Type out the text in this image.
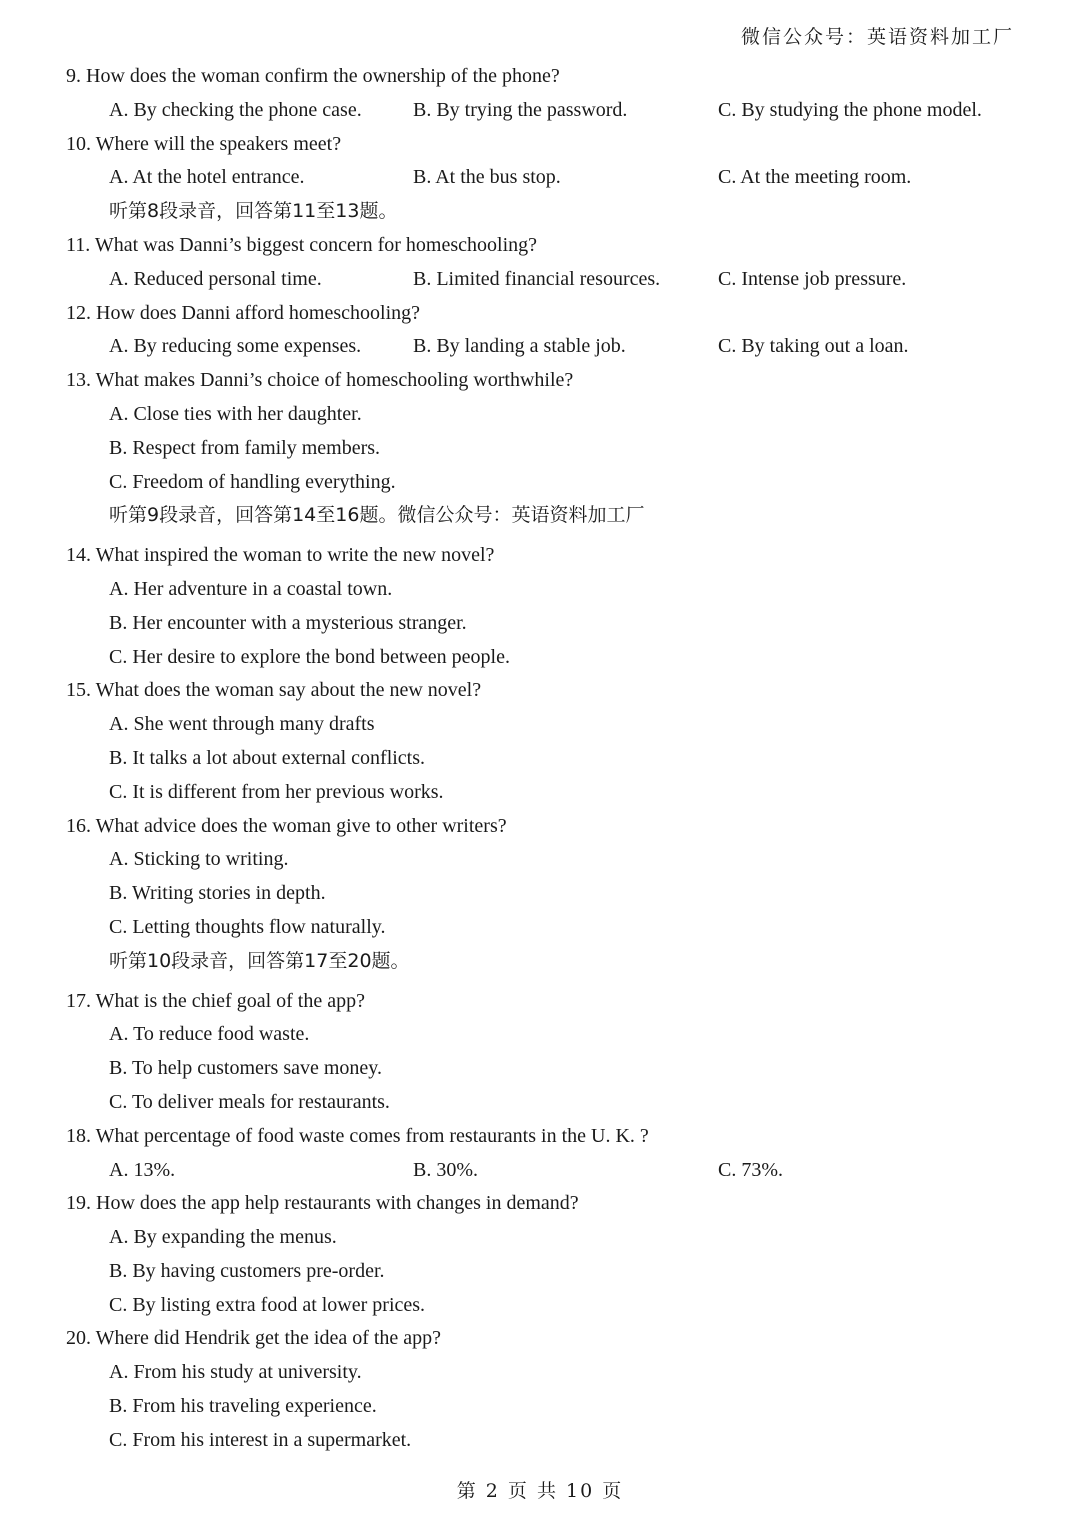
微信公众号：英语资料加工厂
9. How does the woman confirm the ownership of the phone?
A. By checking the phone case.	B. By trying the password.	C. By studying the phone model.
10. Where will the speakers meet?
A. At the hotel entrance.	B. At the bus stop.	C. At the meeting room.
听第8段录音，回答第11至13题。
11. What was Danni’s biggest concern for homeschooling?
A. Reduced personal time.	B. Limited financial resources.	C. Intense job pressure.
12. How does Danni afford homeschooling?
A. By reducing some expenses.	B. By landing a stable job.	C. By taking out a loan.
13. What makes Danni’s choice of homeschooling worthwhile?
A. Close ties with her daughter.
B. Respect from family members.
C. Freedom of handling everything.
听第9段录音，回答第14至16题。微信公众号：英语资料加工厂
14. What inspired the woman to write the new novel?
A. Her adventure in a coastal town.
B. Her encounter with a mysterious stranger.
C. Her desire to explore the bond between people.
15. What does the woman say about the new novel?
A. She went through many drafts
B. It talks a lot about external conflicts.
C. It is different from her previous works.
16. What advice does the woman give to other writers?
A. Sticking to writing.
B. Writing stories in depth.
C. Letting thoughts flow naturally.
听第10段录音，回答第17至20题。
17. What is the chief goal of the app?
A. To reduce food waste.
B. To help customers save money.
C. To deliver meals for restaurants.
18. What percentage of food waste comes from restaurants in the U. K. ?
A. 13%.	B. 30%.	C. 73%.
19. How does the app help restaurants with changes in demand?
A. By expanding the menus.
B. By having customers pre-order.
C. By listing extra food at lower prices.
20. Where did Hendrik get the idea of the app?
A. From his study at university.
B. From his traveling experience.
C. From his interest in a supermarket.
第 2 页 共 10 页
